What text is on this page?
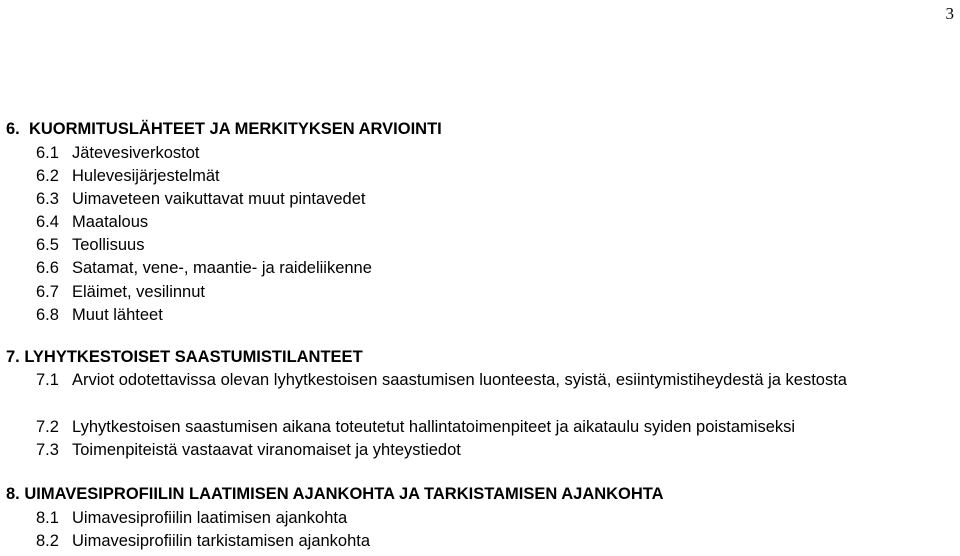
3
6. KUORMITUSLÄHTEET JA MERKITYKSEN ARVIOINTI
6.1 Jätevesiverkostot
6.2 Hulevesijärjestelmät
6.3 Uimaveteen vaikuttavat muut pintavedet
6.4 Maatalous
6.5 Teollisuus
6.6 Satamat, vene-, maantie- ja raideliikenne
6.7 Eläimet, vesilinnut
6.8 Muut lähteet
7. LYHYTKESTOISET SAASTUMISTILANTEET
7.1 Arviot odotettavissa olevan lyhytkestoisen saastumisen luonteesta, syistä, esiintymistiheydestä ja kestosta
7.2 Lyhytkestoisen saastumisen aikana toteutetut hallintatoimenpiteet ja aikataulu syiden poistamiseksi
7.3 Toimenpiteistä vastaavat viranomaiset ja yhteystiedot
8. UIMAVESIPROFIILIN LAATIMISEN AJANKOHTA JA TARKISTAMISEN AJANKOHTA
8.1 Uimavesiprofiilin laatimisen ajankohta
8.2 Uimavesiprofiilin tarkistamisen ajankohta
